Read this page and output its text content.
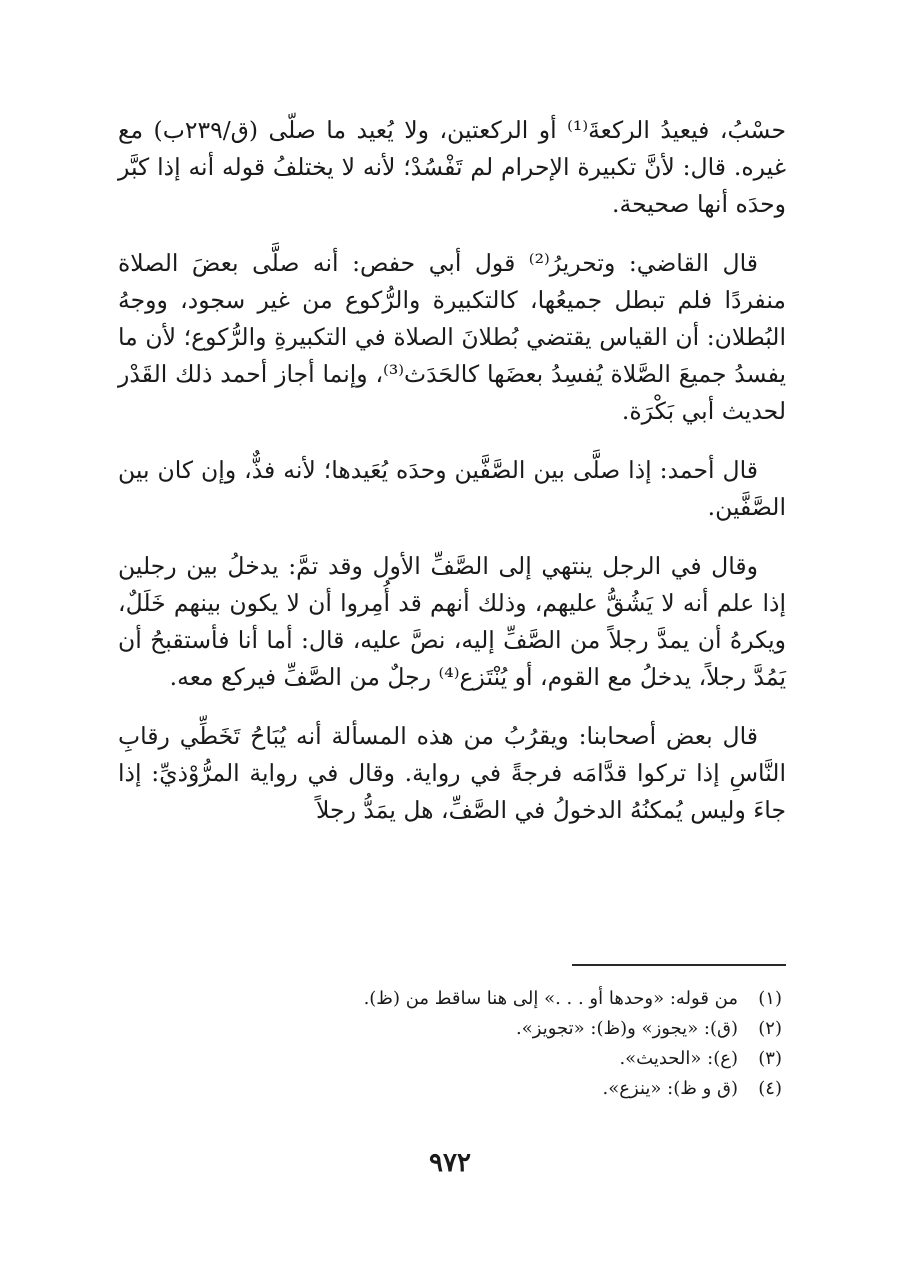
حسْبُ، فيعيدُ الركعةَ⁽¹⁾ أو الركعتين، ولا يُعيد ما صلّى (ق/٢٣٩ب) مع غيره. قال: لأنَّ تكبيرة الإحرام لم تَفْسُدْ؛ لأنه لا يختلفُ قوله أنه إذا كبَّر وحدَه أنها صحيحة.

قال القاضي: وتحريرُ⁽²⁾ قول أبي حفص: أنه صلَّى بعضَ الصلاة منفردًا فلم تبطل جميعُها، كالتكبيرة والرُّكوع من غير سجود، ووجهُ البُطلان: أن القياس يقتضي بُطلانَ الصلاة في التكبيرةِ والرُّكوع؛ لأن ما يفسدُ جميعَ الصَّلاة يُفسِدُ بعضَها كالحَدَث⁽³⁾، وإنما أجاز أحمد ذلك القَدْر لحديث أبي بَكْرَة.

قال أحمد: إذا صلَّى بين الصَّفَّين وحدَه يُعَيدها؛ لأنه فذٌّ، وإن كان بين الصَّفَّين.

وقال في الرجل ينتهي إلى الصَّفِّ الأول وقد تمَّ: يدخلُ بين رجلين إذا علم أنه لا يَشُقُّ عليهم، وذلك أنهم قد أُمِروا أن لا يكون بينهم خَلَلٌ، ويكرهُ أن يمدَّ رجلاً من الصَّفِّ إليه، نصَّ عليه، قال: أما أنا فأستقبحُ أن يَمُدَّ رجلاً، يدخلُ مع القوم، أو يُنْتَزع⁽⁴⁾ رجلٌ من الصَّفِّ فيركع معه.

قال بعض أصحابنا: ويقرُبُ من هذه المسألة أنه يُبَاحُ تَخَطِّي رقابِ النَّاسِ إذا تركوا قدَّامَه فرجةً في رواية. وقال في رواية المرُّوْذيِّ: إذا جاءَ وليس يُمكنُهُ الدخولُ في الصَّفِّ، هل يمَدُّ رجلاً

(١)
من قوله: «وحدها أو . . .» إلى هنا ساقط من (ظ).
(٢)
(ق): «يجوز» و(ظ): «تجويز».
(٣)
(ع): «الحديث».
(٤)
(ق و ظ): «ينزع».
٩٧٢
